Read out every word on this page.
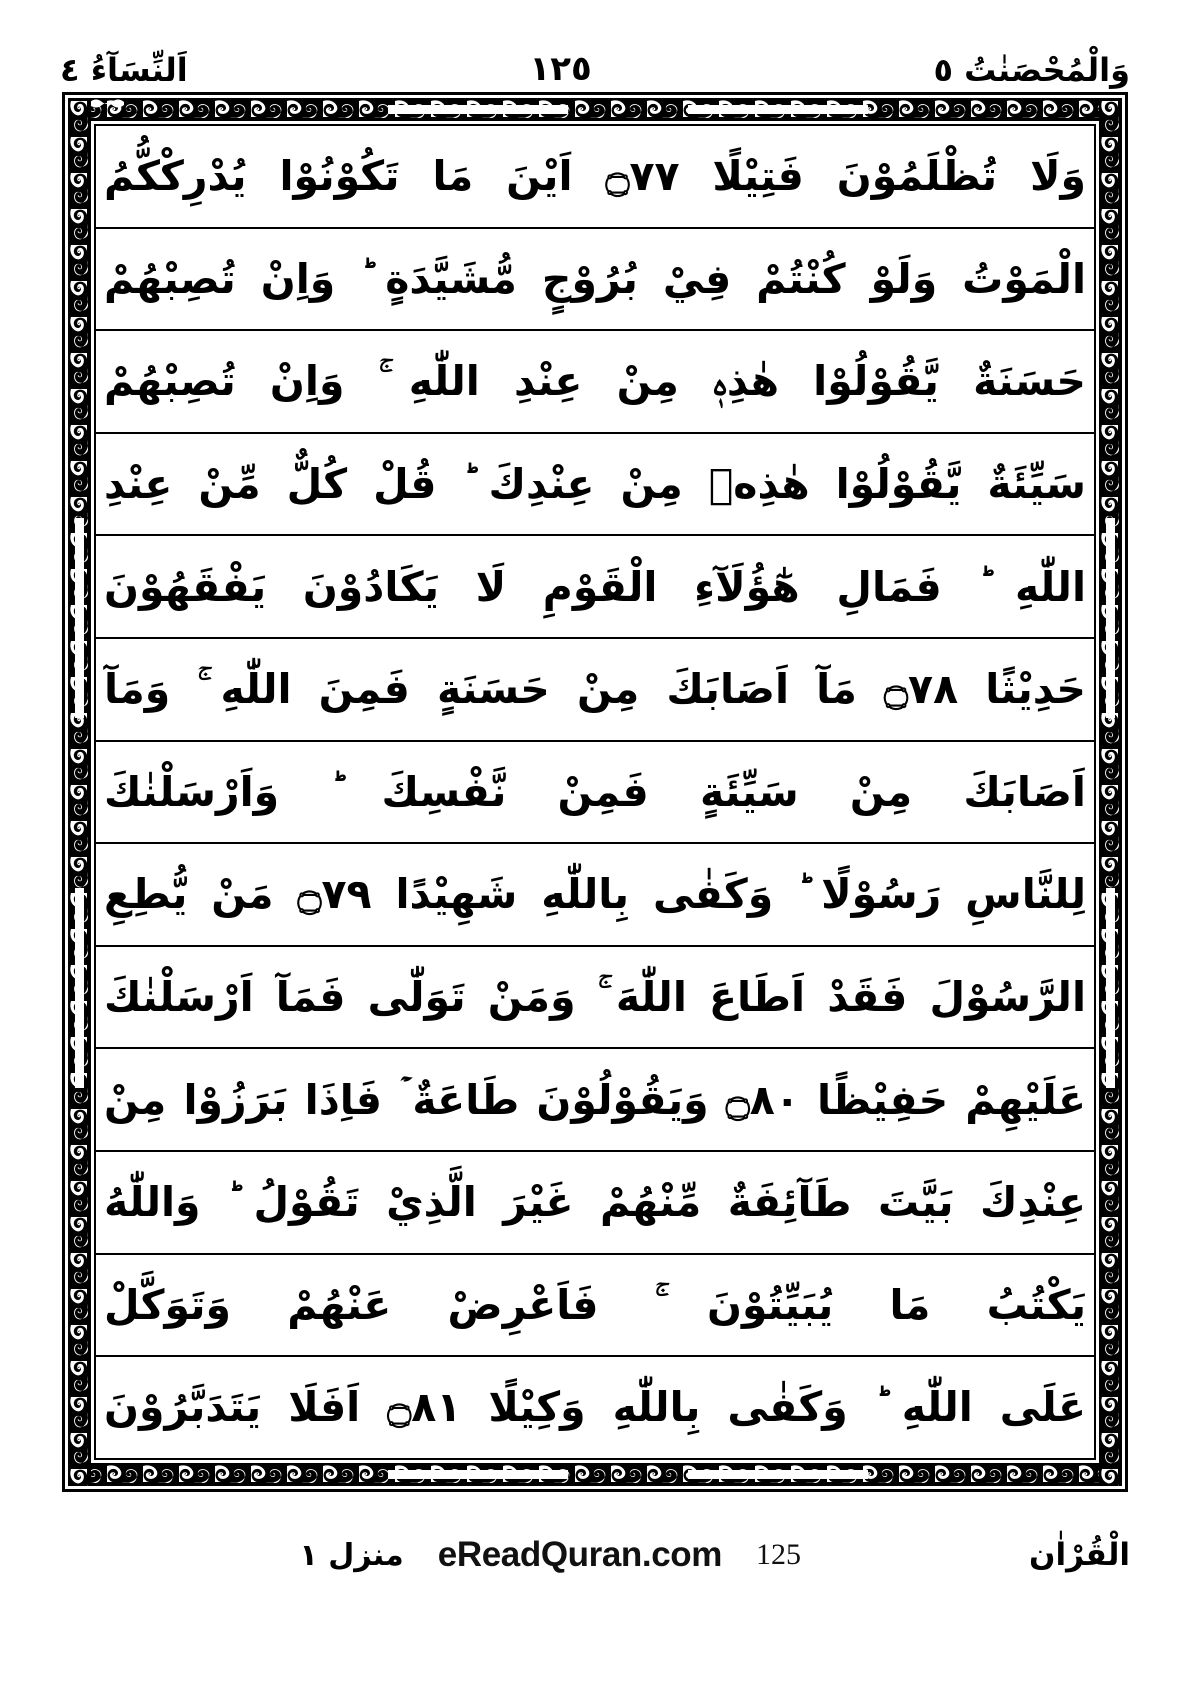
وَالْمُحْصَنٰتُ ٥
١٢٥
اَلنِّسَآءُ ٤
وَلَا تُظْلَمُوْنَ فَتِيْلًا ۝٧٧ اَيْنَ مَا تَكُوْنُوْا يُدْرِكْكُّمُ
الْمَوْتُ وَلَوْ كُنْتُمْ فِيْ بُرُوْجٍ مُّشَيَّدَةٍ ؕ وَاِنْ تُصِبْهُمْ
حَسَنَةٌ يَّقُوْلُوْا هٰذِهٖ مِنْ عِنْدِ اللّٰهِ ۚ وَاِنْ تُصِبْهُمْ
سَيِّئَةٌ يَّقُوْلُوْا هٰذِهٖ مِنْ عِنْدِكَ ؕ قُلْ كُلٌّ مِّنْ عِنْدِ
اللّٰهِ ؕ فَمَالِ هٰٓؤُلَآءِ الْقَوْمِ لَا يَكَادُوْنَ يَفْقَهُوْنَ
حَدِيْثًا ۝٧٨ مَآ اَصَابَكَ مِنْ حَسَنَةٍ فَمِنَ اللّٰهِ ۚ وَمَآ
اَصَابَكَ مِنْ سَيِّئَةٍ فَمِنْ نَّفْسِكَ ؕ وَاَرْسَلْنٰكَ
لِلنَّاسِ رَسُوْلًا ؕ وَكَفٰى بِاللّٰهِ شَهِيْدًا ۝٧٩ مَنْ يُّطِعِ
الرَّسُوْلَ فَقَدْ اَطَاعَ اللّٰهَ ۚ وَمَنْ تَوَلّٰى فَمَآ اَرْسَلْنٰكَ
عَلَيْهِمْ حَفِيْظًا ۝٨٠ وَيَقُوْلُوْنَ طَاعَةٌ ۡ فَاِذَا بَرَزُوْا مِنْ
عِنْدِكَ بَيَّتَ طَآئِفَةٌ مِّنْهُمْ غَيْرَ الَّذِيْ تَقُوْلُ ؕ وَاللّٰهُ
يَكْتُبُ مَا يُبَيِّتُوْنَ ۚ فَاَعْرِضْ عَنْهُمْ وَتَوَكَّلْ
عَلَى اللّٰهِ ؕ وَكَفٰى بِاللّٰهِ وَكِيْلًا ۝٨١ اَفَلَا يَتَدَبَّرُوْنَ
الْقُرْاٰن
منزل ١ eReadQuran.com 125
